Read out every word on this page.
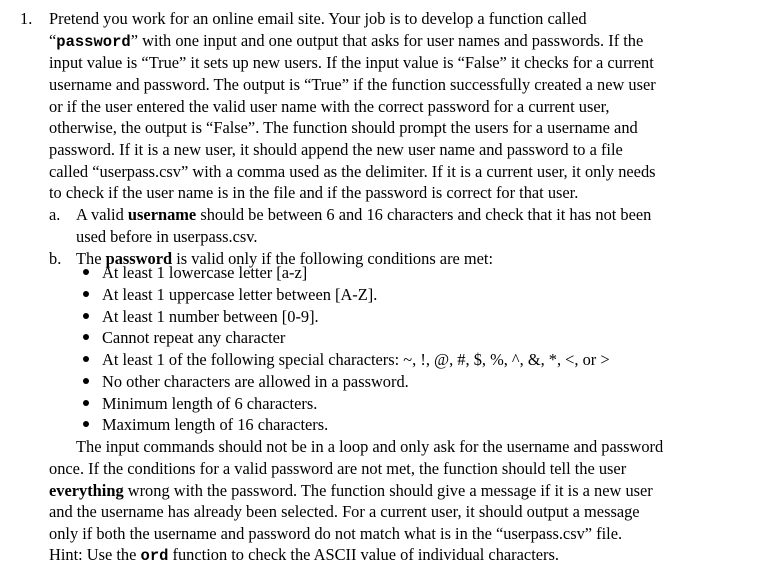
1. Pretend you work for an online email site. Your job is to develop a function called
“password” with one input and one output that asks for user names and passwords. If the
input value is “True” it sets up new users. If the input value is “False” it checks for a current
username and password. The output is “True” if the function successfully created a new user
or if the user entered the valid user name with the correct password for a current user,
otherwise, the output is “False”. The function should prompt the users for a username and
password. If it is a new user, it should append the new user name and password to a file
called “userpass.csv” with a comma used as the delimiter. If it is a current user, it only needs
to check if the user name is in the file and if the password is correct for that user.
a. A valid username should be between 6 and 16 characters and check that it has not been
used before in userpass.csv.
b. The password is valid only if the following conditions are met:
At least 1 lowercase letter [a-z]
At least 1 uppercase letter between [A-Z].
At least 1 number between [0-9].
Cannot repeat any character
At least 1 of the following special characters: ~, !, @, #, $, %, ^, &, *, <, or >
No other characters are allowed in a password.
Minimum length of 6 characters.
Maximum length of 16 characters.
The input commands should not be in a loop and only ask for the username and password
once. If the conditions for a valid password are not met, the function should tell the user
everything wrong with the password. The function should give a message if it is a new user
and the username has already been selected. For a current user, it should output a message
only if both the username and password do not match what is in the “userpass.csv” file.
Hint: Use the ord function to check the ASCII value of individual characters.
